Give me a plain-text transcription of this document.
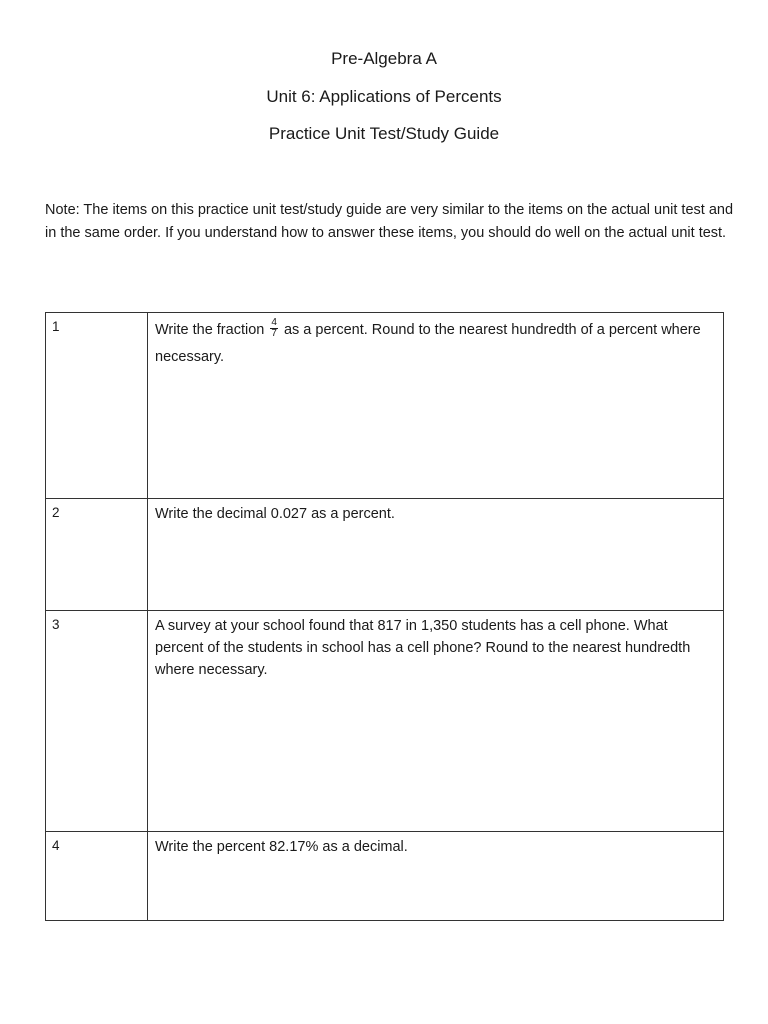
Pre-Algebra A
Unit 6: Applications of Percents
Practice Unit Test/Study Guide
Note: The items on this practice unit test/study guide are very similar to the items on the actual unit test and in the same order. If you understand how to answer these items, you should do well on the actual unit test.
1	Write the fraction $\frac{4}{7}$ as a percent. Round to the nearest hundredth of a percent where necessary.
2	Write the decimal 0.027 as a percent.
3	A survey at your school found that 817 in 1,350 students has a cell phone. What percent of the students in school has a cell phone? Round to the nearest hundredth where necessary.
4	Write the percent 82.17% as a decimal.
